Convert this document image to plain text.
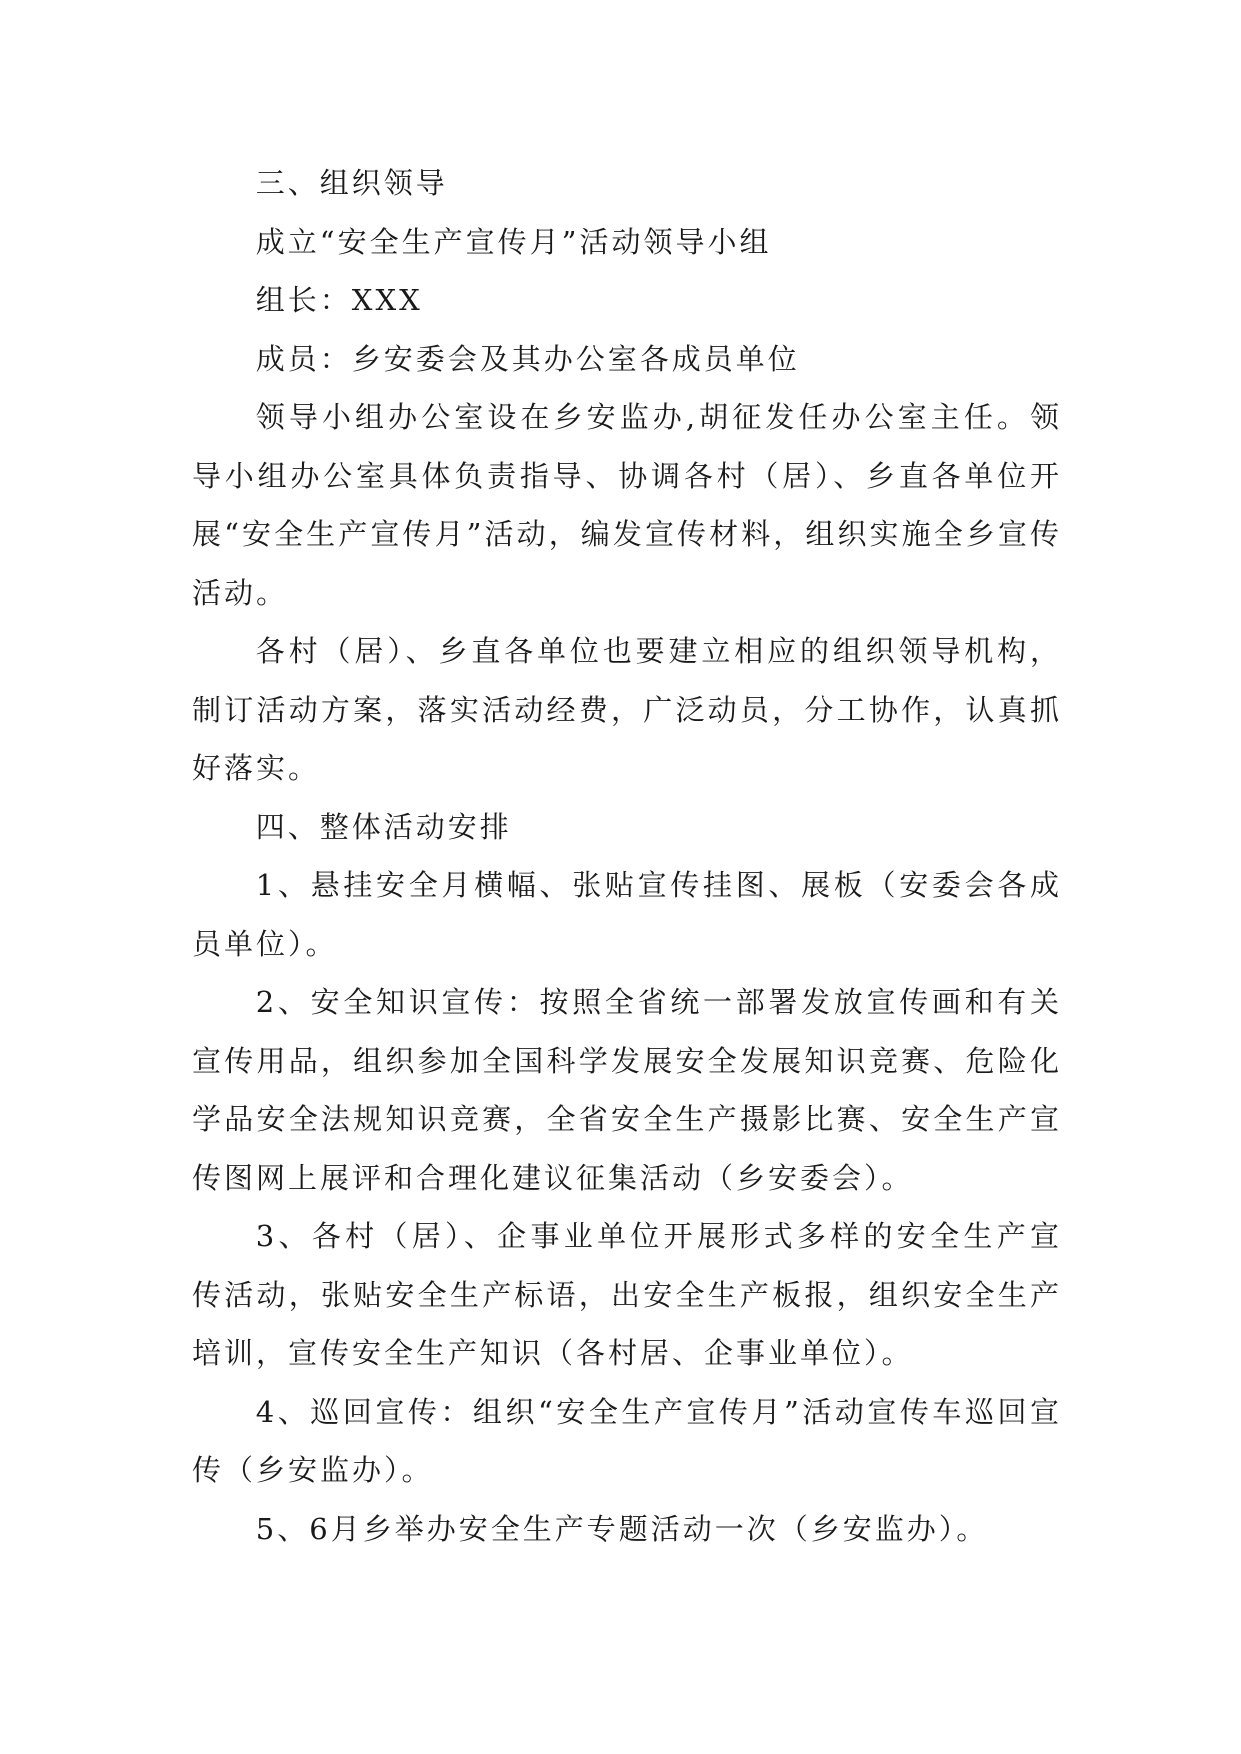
三、组织领导

成立“安全生产宣传月”活动领导小组

组长：XXX

成员：乡安委会及其办公室各成员单位

领导小组办公室设在乡安监办,胡征发任办公室主任。领导小组办公室具体负责指导、协调各村（居）、乡直各单位开展“安全生产宣传月”活动，编发宣传材料，组织实施全乡宣传活动。

各村（居）、乡直各单位也要建立相应的组织领导机构，制订活动方案，落实活动经费，广泛动员，分工协作，认真抓好落实。

四、整体活动安排

1、悬挂安全月横幅、张贴宣传挂图、展板（安委会各成员单位）。

2、安全知识宣传：按照全省统一部署发放宣传画和有关宣传用品，组织参加全国科学发展安全发展知识竞赛、危险化学品安全法规知识竞赛，全省安全生产摄影比赛、安全生产宣传图网上展评和合理化建议征集活动（乡安委会）。

3、各村（居）、企事业单位开展形式多样的安全生产宣传活动，张贴安全生产标语，出安全生产板报，组织安全生产培训，宣传安全生产知识（各村居、企事业单位）。

4、巡回宣传：组织“安全生产宣传月”活动宣传车巡回宣传（乡安监办）。

5、6月乡举办安全生产专题活动一次（乡安监办）。
